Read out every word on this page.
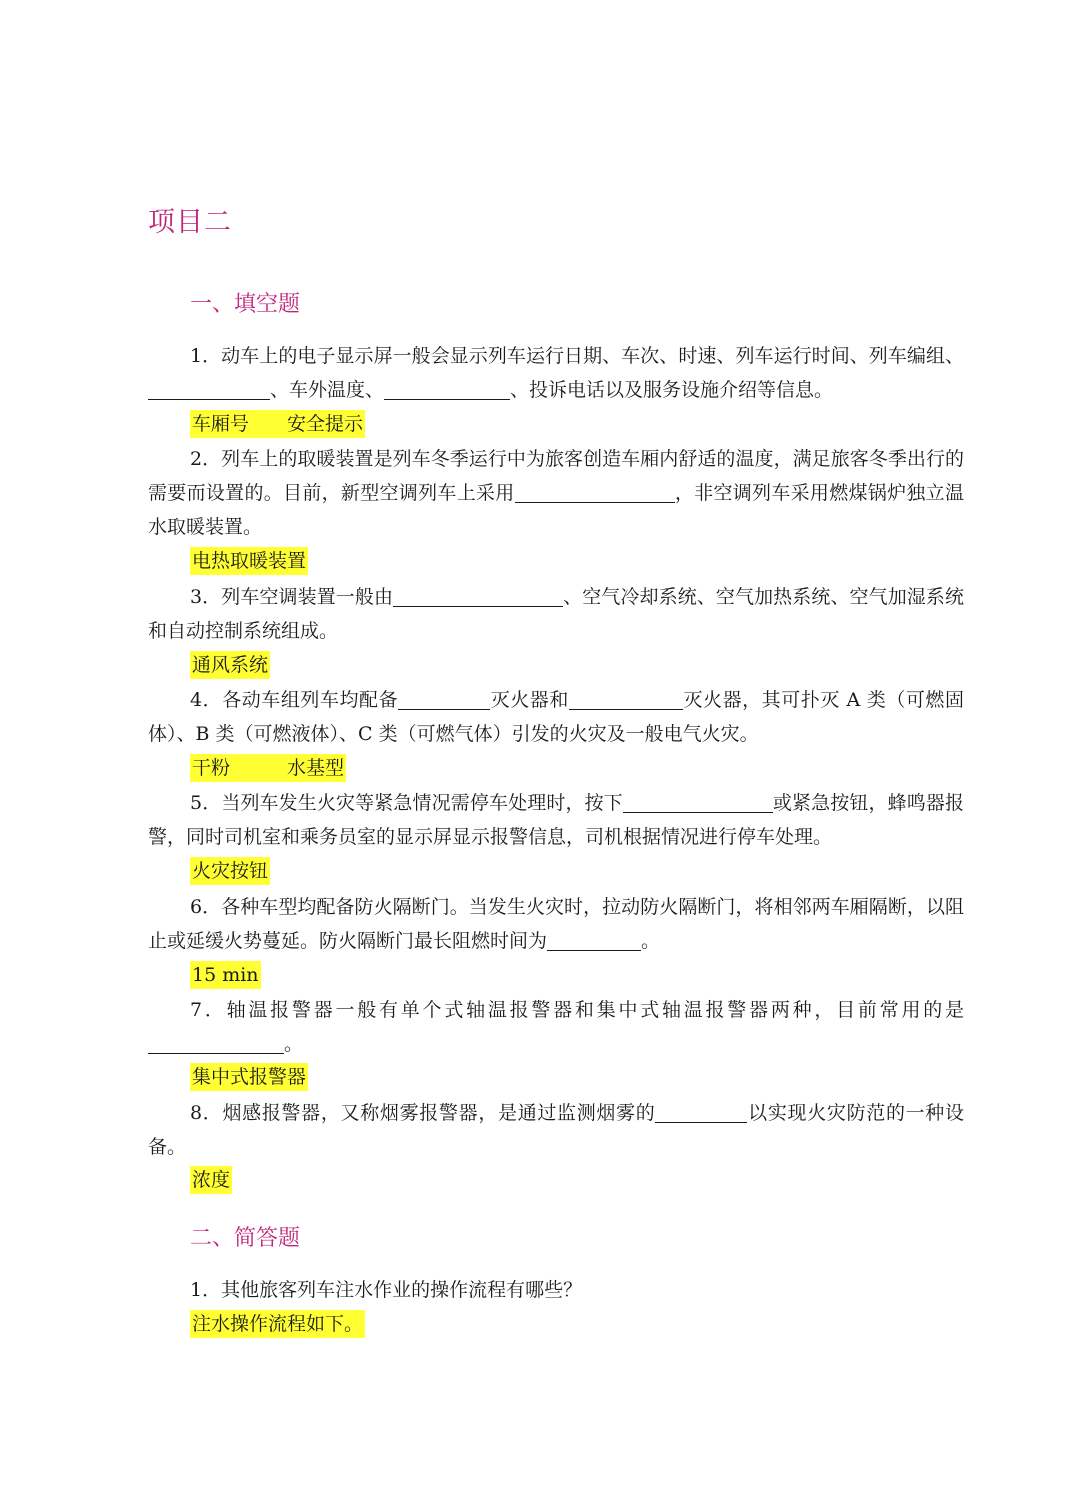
项目二
一、填空题

1．动车上的电子显示屏一般会显示列车运行日期、车次、时速、列车运行时间、列车编组、、车外温度、	、投诉电话以及服务设施介绍等信息。

车厢号　　安全提示

2．列车上的取暖装置是列车冬季运行中为旅客创造车厢内舒适的温度，满足旅客冬季出行的需要而设置的。目前，新型空调列车上采用	，非空调列车采用燃煤锅炉独立温水取暖装置。

电热取暖装置

3．列车空调装置一般由	、空气冷却系统、空气加热系统、空气加湿系统和自动控制系统组成。

通风系统

4．各动车组列车均配备	灭火器和	灭火器，其可扑灭 A 类（可燃固体）、B 类（可燃液体）、C 类（可燃气体）引发的火灾及一般电气火灾。

干粉　　　水基型

5．当列车发生火灾等紧急情况需停车处理时，按下	或紧急按钮，蜂鸣器报警，同时司机室和乘务员室的显示屏显示报警信息，司机根据情况进行停车处理。

火灾按钮

6．各种车型均配备防火隔断门。当发生火灾时，拉动防火隔断门，将相邻两车厢隔断，以阻止或延缓火势蔓延。防火隔断门最长阻燃时间为	。

15 min

7．轴温报警器一般有单个式轴温报警器和集中式轴温报警器两种，目前常用的是。

集中式报警器

8．烟感报警器，又称烟雾报警器，是通过监测烟雾的	以实现火灾防范的一种设备。

浓度
二、简答题

1．其他旅客列车注水作业的操作流程有哪些？

注水操作流程如下。
